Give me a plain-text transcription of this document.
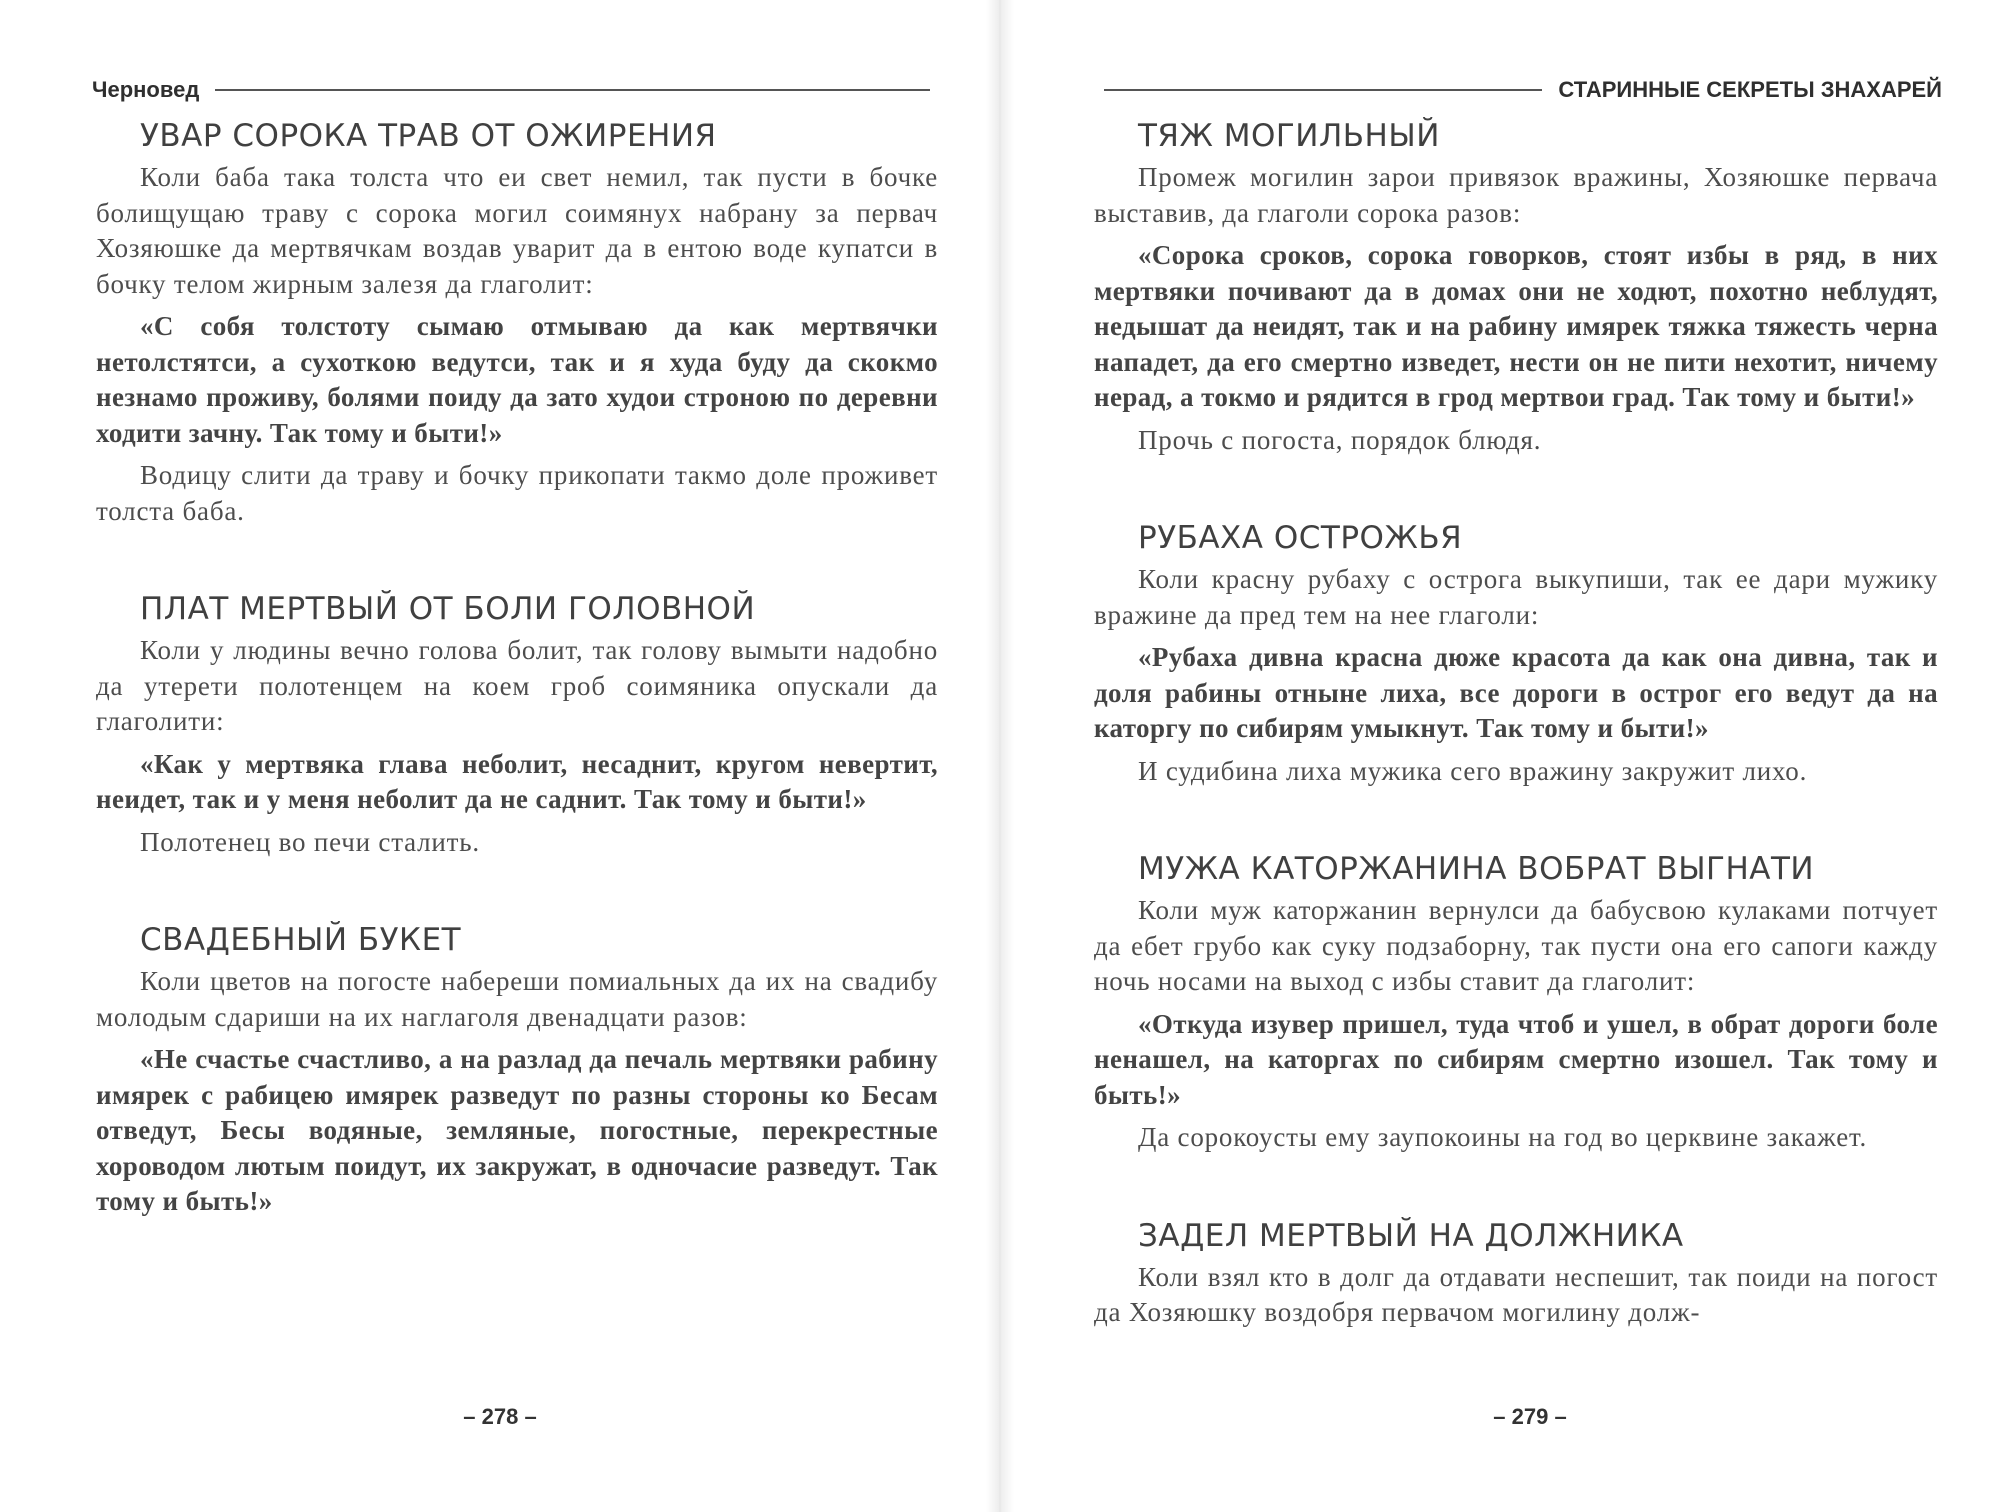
Черновед
УВАР СОРОКА ТРАВ ОТ ОЖИРЕНИЯ

Коли баба така толста что еи свет немил, так пусти в бочке болищущаю траву с сорока могил соимянух набрану за первач Хозяюшке да мертвячкам воздав уварит да в ентою воде купатси в бочку телом жирным залезя да глаголит:

«С собя толстоту сымаю отмываю да как мертвячки нетолстятси, а сухоткою ведутси, так и я худа буду да скокмо незнамо проживу, болями поиду да зато худои строною по деревни ходити зачну. Так тому и быти!»

Водицу слити да траву и бочку прикопати такмо доле проживет толста баба.

ПЛАТ МЕРТВЫЙ ОТ БОЛИ ГОЛОВНОЙ

Коли у людины вечно голова болит, так голову вымыти надобно да утерети полотенцем на коем гроб соимяника опускали да глаголити:

«Как у мертвяка глава неболит, несаднит, кругом невертит, неидет, так и у меня неболит да не саднит. Так тому и быти!»

Полотенец во печи сталить.

СВАДЕБНЫЙ БУКЕТ

Коли цветов на погосте набереши помиальных да их на свадибу молодым сдариши на их наглаголя двенадцати разов:

«Не счастье счастливо, а на разлад да печаль мертвяки рабину имярек с рабицею имярек разведут по разны стороны ко Бесам отведут, Бесы водяные, земляные, погостные, перекрестные хороводом лютым поидут, их закружат, в одночасие разведут. Так тому и быть!»

– 278 –
СТАРИННЫЕ СЕКРЕТЫ ЗНАХАРЕЙ
ТЯЖ МОГИЛЬНЫЙ

Промеж могилин зарои привязок вражины, Хозяюшке первача выставив, да глаголи сорока разов:

«Сорока сроков, сорока говорков, стоят избы в ряд, в них мертвяки почивают да в домах они не ходют, похотно неблудят, недышат да неидят, так и на рабину имярек тяжка тяжесть черна нападет, да его смертно изведет, нести он не пити нехотит, ничему нерад, а токмо и рядится в грод мертвои град. Так тому и быти!»

Прочь с погоста, порядок блюдя.

РУБАХА ОСТРОЖЬЯ

Коли красну рубаху с острога выкупиши, так ее дари мужику вражине да пред тем на нее глаголи:

«Рубаха дивна красна дюже красота да как она дивна, так и доля рабины отныне лиха, все дороги в острог его ведут да на каторгу по сибирям умыкнут. Так тому и быти!»

И судибина лиха мужика сего вражину закружит лихо.

МУЖА КАТОРЖАНИНА ВОБРАТ ВЫГНАТИ

Коли муж каторжанин вернулси да бабусвою кулаками потчует да ебет грубо как суку подзаборну, так пусти она его сапоги кажду ночь носами на выход с избы ставит да глаголит:

«Откуда изувер пришел, туда чтоб и ушел, в обрат дороги боле ненашел, на каторгах по сибирям смертно изошел. Так тому и быть!»

Да сорокоусты ему заупокоины на год во церквине закажет.

ЗАДЕЛ МЕРТВЫЙ НА ДОЛЖНИКА

Коли взял кто в долг да отдавати неспешит, так поиди на погост да Хозяюшку воздобря первачом могилину долж-

– 279 –
